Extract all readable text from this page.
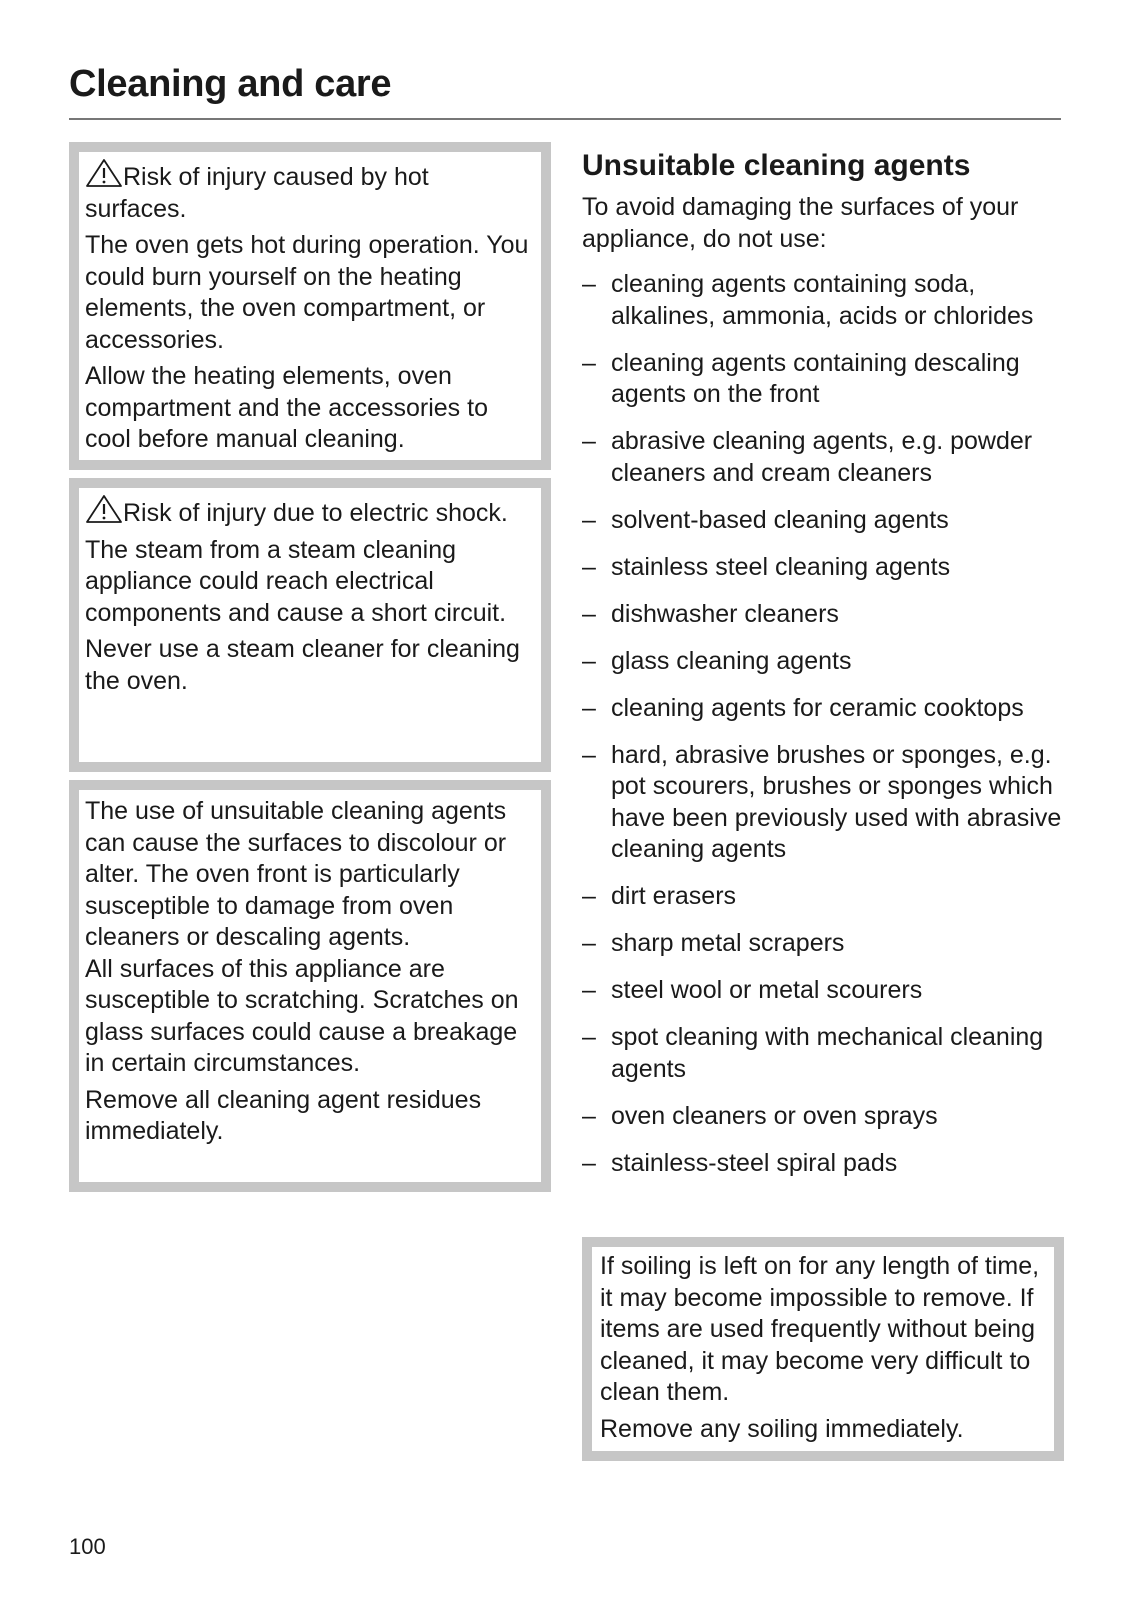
Cleaning and care

Risk of injury caused by hot surfaces.

The oven gets hot during operation. You could burn yourself on the heating elements, the oven compartment, or accessories.

Allow the heating elements, oven compartment and the accessories to cool before manual cleaning.

Risk of injury due to electric shock.

The steam from a steam cleaning appliance could reach electrical components and cause a short circuit.

Never use a steam cleaner for cleaning the oven.

The use of unsuitable cleaning agents can cause the surfaces to discolour or alter. The oven front is particularly susceptible to damage from oven cleaners or descaling agents.

All surfaces of this appliance are susceptible to scratching. Scratches on glass surfaces could cause a breakage in certain circumstances.

Remove all cleaning agent residues immediately.

Unsuitable cleaning agents

To avoid damaging the surfaces of your appliance, do not use:

– cleaning agents containing soda, alkalines, ammonia, acids or chlorides
– cleaning agents containing descaling agents on the front
– abrasive cleaning agents, e.g. powder cleaners and cream cleaners
– solvent-based cleaning agents
– stainless steel cleaning agents
– dishwasher cleaners
– glass cleaning agents
– cleaning agents for ceramic cooktops
– hard, abrasive brushes or sponges, e.g. pot scourers, brushes or sponges which have been previously used with abrasive cleaning agents
– dirt erasers
– sharp metal scrapers
– steel wool or metal scourers
– spot cleaning with mechanical cleaning agents
– oven cleaners or oven sprays
– stainless-steel spiral pads

If soiling is left on for any length of time, it may become impossible to remove. If items are used frequently without being cleaned, it may become very difficult to clean them.

Remove any soiling immediately.

100
